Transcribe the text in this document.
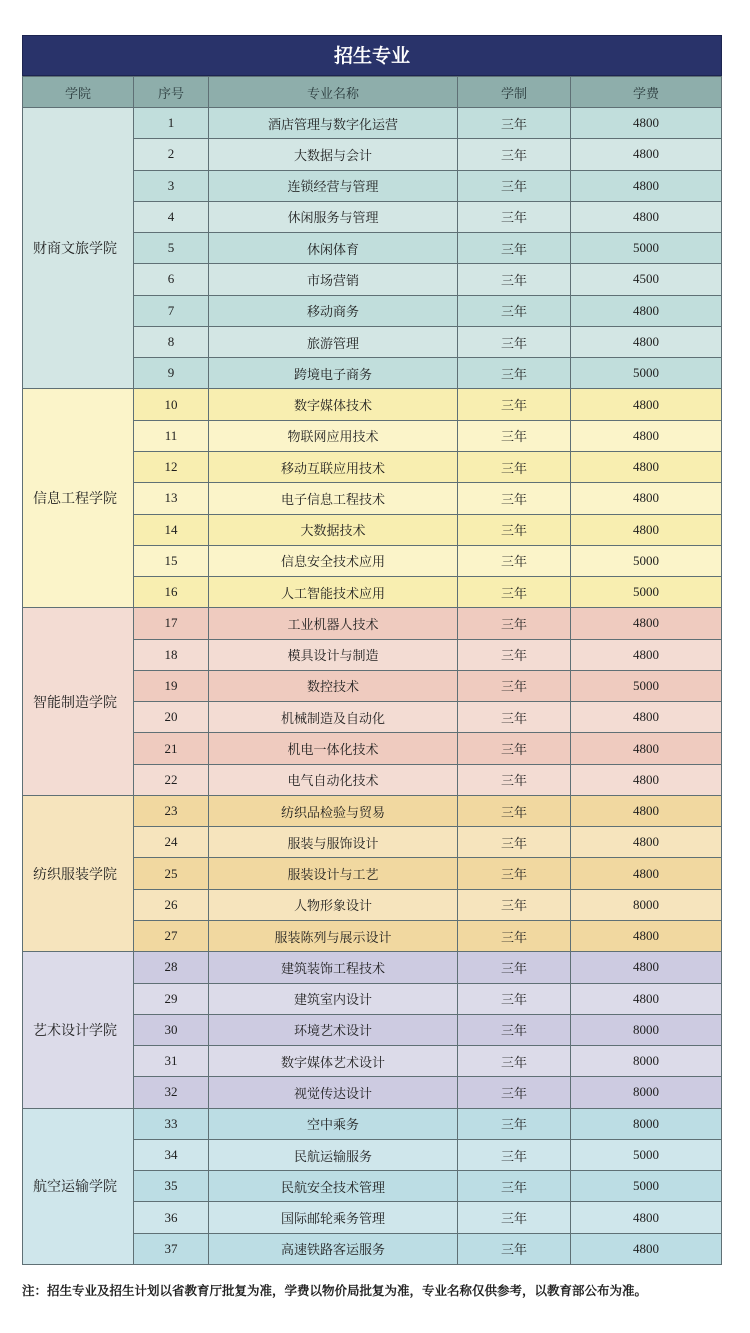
招生专业
学院	序号	专业名称	学制	学费
财商文旅学院
1	酒店管理与数字化运营	三年	4800
2	大数据与会计	三年	4800
3	连锁经营与管理	三年	4800
4	休闲服务与管理	三年	4800
5	休闲体育	三年	5000
6	市场营销	三年	4500
7	移动商务	三年	4800
8	旅游管理	三年	4800
9	跨境电子商务	三年	5000
信息工程学院
10	数字媒体技术	三年	4800
11	物联网应用技术	三年	4800
12	移动互联应用技术	三年	4800
13	电子信息工程技术	三年	4800
14	大数据技术	三年	4800
15	信息安全技术应用	三年	5000
16	人工智能技术应用	三年	5000
智能制造学院
17	工业机器人技术	三年	4800
18	模具设计与制造	三年	4800
19	数控技术	三年	5000
20	机械制造及自动化	三年	4800
21	机电一体化技术	三年	4800
22	电气自动化技术	三年	4800
纺织服装学院
23	纺织品检验与贸易	三年	4800
24	服装与服饰设计	三年	4800
25	服装设计与工艺	三年	4800
26	人物形象设计	三年	8000
27	服装陈列与展示设计	三年	4800
艺术设计学院
28	建筑装饰工程技术	三年	4800
29	建筑室内设计	三年	4800
30	环境艺术设计	三年	8000
31	数字媒体艺术设计	三年	8000
32	视觉传达设计	三年	8000
航空运输学院
33	空中乘务	三年	8000
34	民航运输服务	三年	5000
35	民航安全技术管理	三年	5000
36	国际邮轮乘务管理	三年	4800
37	高速铁路客运服务	三年	4800
注：招生专业及招生计划以省教育厅批复为准，学费以物价局批复为准，专业名称仅供参考，以教育部公布为准。
